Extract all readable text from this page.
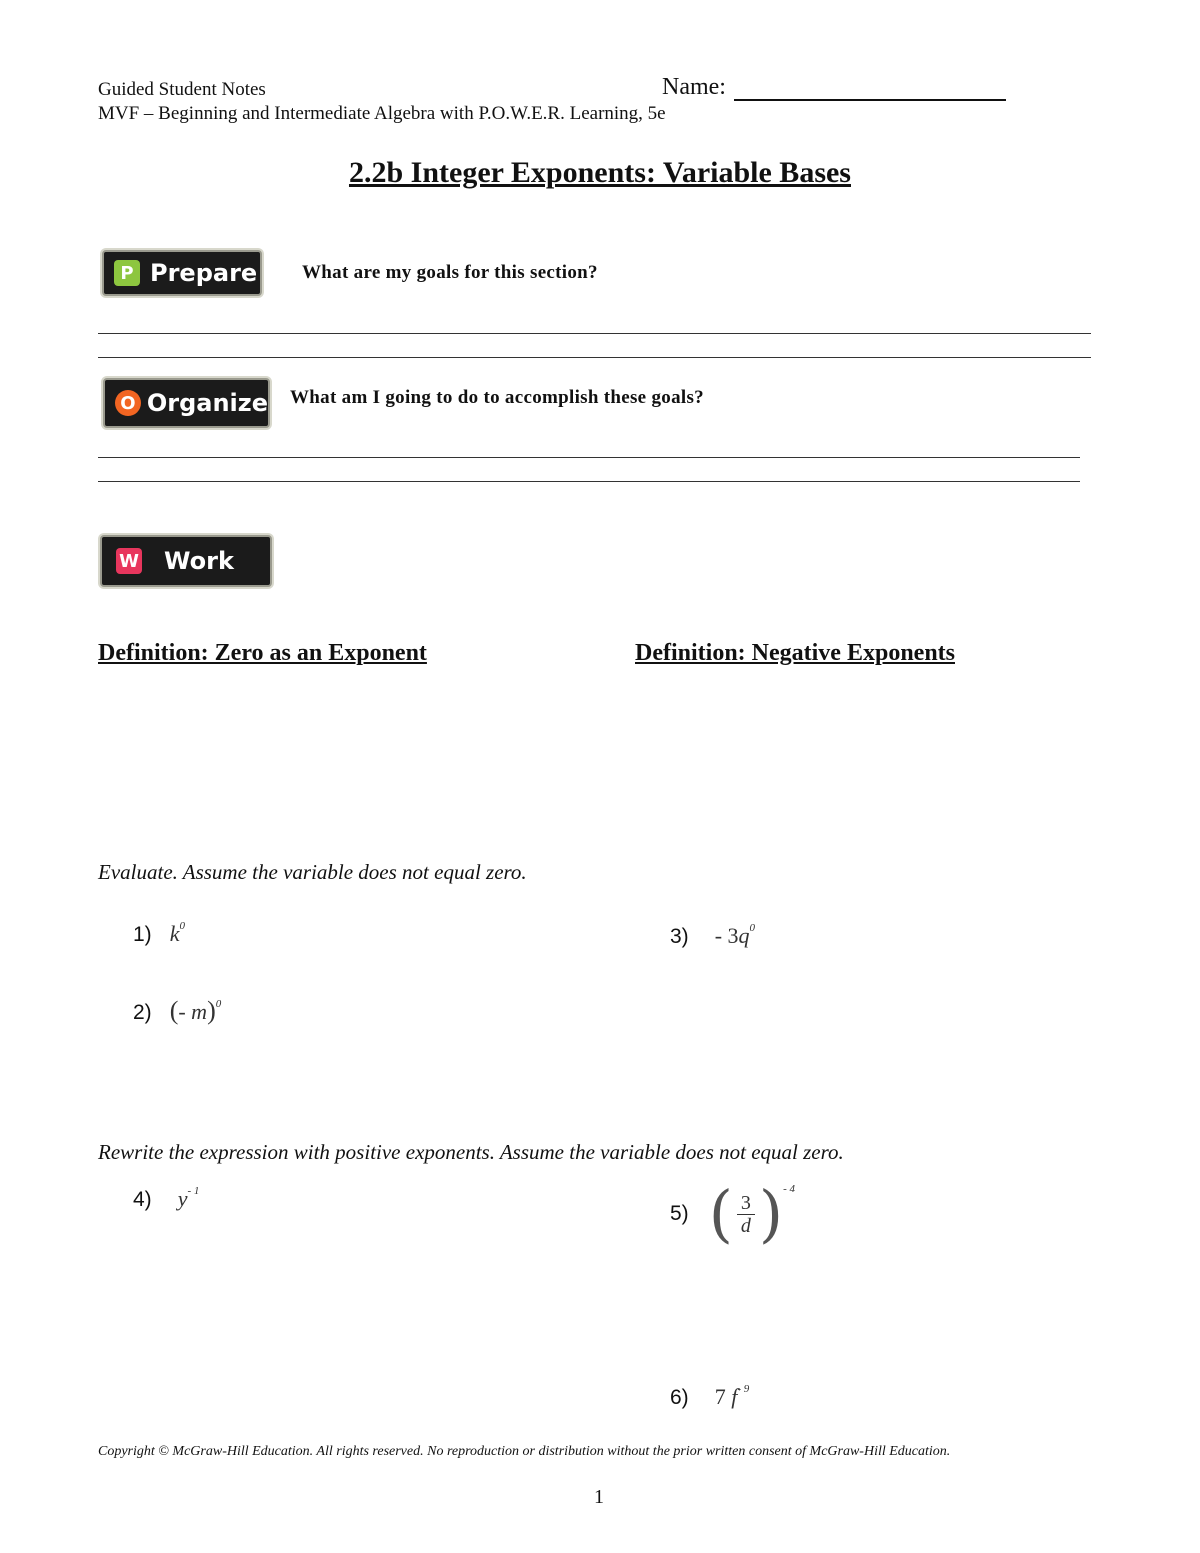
Guided Student Notes
MVF – Beginning and Intermediate Algebra with P.O.W.E.R. Learning, 5e
Name:
2.2b Integer Exponents: Variable Bases
P Prepare What are my goals for this section?
O Organize What am I going to do to accomplish these goals?
W Work
Definition: Zero as an Exponent	Definition: Negative Exponents
Evaluate. Assume the variable does not equal zero.
1) $k^0$
2) (- m)$^0$
$3) - 3q^0$
Rewrite the expression with positive exponents. Assume the variable does not equal zero.
4) $y^{- 1}$
5) ( $\frac{3}{d} )^{- 4}$
6) 7 $f^{- 9}$
Copyright © McGraw-Hill Education. All rights reserved. No reproduction or distribution without the prior written consent of McGraw-Hill Education.
1
